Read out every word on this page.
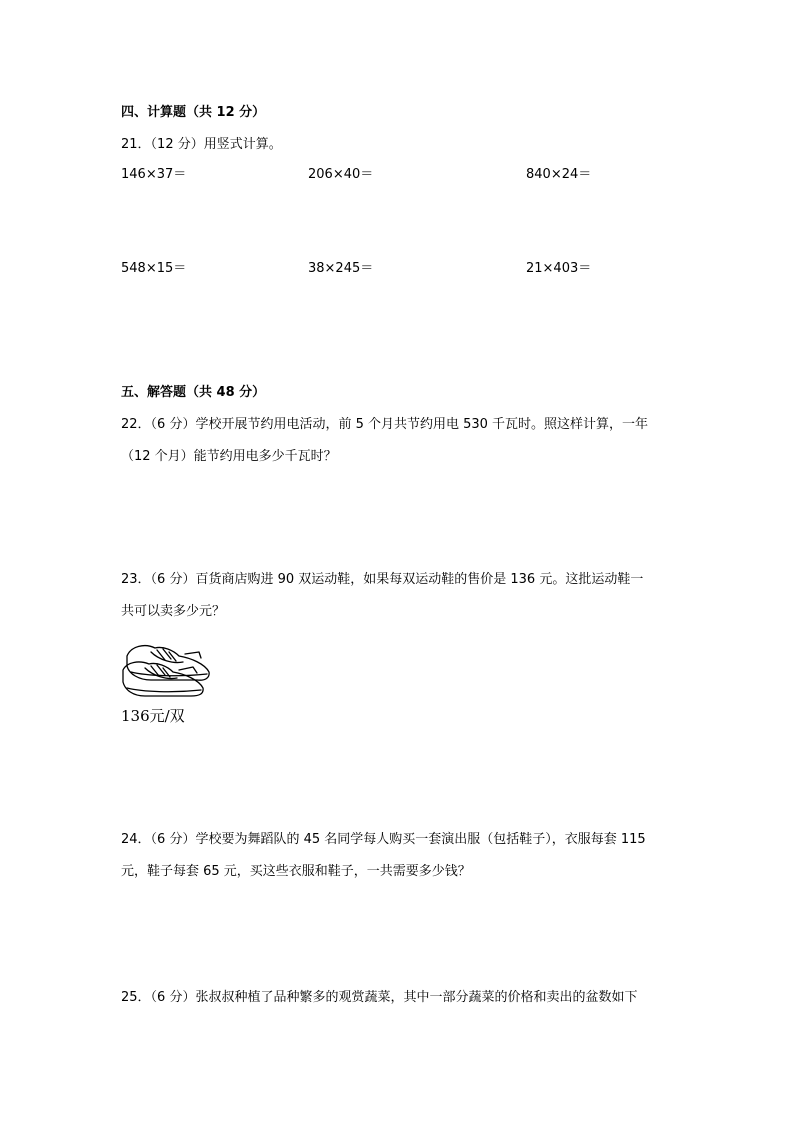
四、计算题（共 12 分）
21．（12 分）用竖式计算。
146×37＝	206×40＝	840×24＝
548×15＝	38×245＝	21×403＝
五、解答题（共 48 分）
22．（6 分）学校开展节约用电活动，前 5 个月共节约用电 530 千瓦时。照这样计算，一年
（12 个月）能节约用电多少千瓦时？
23．（6 分）百货商店购进 90 双运动鞋，如果每双运动鞋的售价是 136 元。这批运动鞋一
共可以卖多少元？
136元/双
24．（6 分）学校要为舞蹈队的 45 名同学每人购买一套演出服（包括鞋子），衣服每套 115
元，鞋子每套 65 元，买这些衣服和鞋子，一共需要多少钱？
25．（6 分）张叔叔种植了品种繁多的观赏蔬菜，其中一部分蔬菜的价格和卖出的盆数如下
